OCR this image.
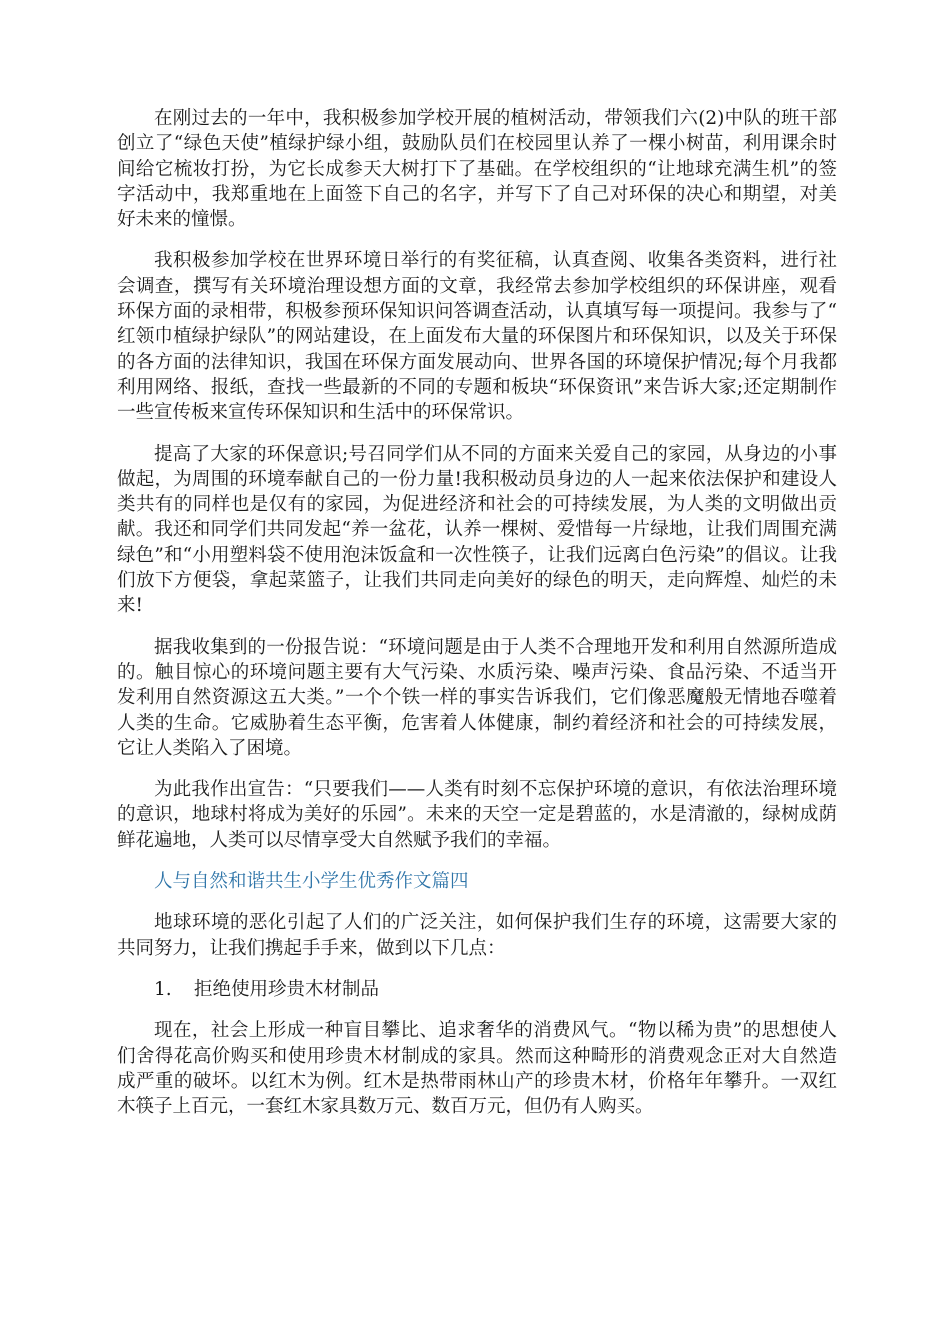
在刚过去的一年中，我积极参加学校开展的植树活动，带领我们六(2)中队的班干部创立了“绿色天使”植绿护绿小组，鼓励队员们在校园里认养了一棵小树苗，利用课余时间给它梳妆打扮，为它长成参天大树打下了基础。在学校组织的“让地球充满生机”的签字活动中，我郑重地在上面签下自己的名字，并写下了自己对环保的决心和期望，对美好未来的憧憬。

我积极参加学校在世界环境日举行的有奖征稿，认真查阅、收集各类资料，进行社会调查，撰写有关环境治理设想方面的文章，我经常去参加学校组织的环保讲座，观看环保方面的录相带，积极参预环保知识问答调查活动，认真填写每一项提问。我参与了“红领巾植绿护绿队”的网站建设，在上面发布大量的环保图片和环保知识，以及关于环保的各方面的法律知识，我国在环保方面发展动向、世界各国的环境保护情况;每个月我都利用网络、报纸，查找一些最新的不同的专题和板块“环保资讯”来告诉大家;还定期制作一些宣传板来宣传环保知识和生活中的环保常识。

提高了大家的环保意识;号召同学们从不同的方面来关爱自己的家园，从身边的小事做起，为周围的环境奉献自己的一份力量!我积极动员身边的人一起来依法保护和建设人类共有的同样也是仅有的家园，为促进经济和社会的可持续发展，为人类的文明做出贡献。我还和同学们共同发起“养一盆花，认养一棵树、爱惜每一片绿地，让我们周围充满绿色”和“小用塑料袋不使用泡沫饭盒和一次性筷子，让我们远离白色污染”的倡议。让我们放下方便袋，拿起菜篮子，让我们共同走向美好的绿色的明天，走向辉煌、灿烂的未来!

据我收集到的一份报告说：“环境问题是由于人类不合理地开发和利用自然源所造成的。触目惊心的环境问题主要有大气污染、水质污染、噪声污染、食品污染、不适当开发利用自然资源这五大类。”一个个铁一样的事实告诉我们，它们像恶魔般无情地吞噬着人类的生命。它威胁着生态平衡，危害着人体健康，制约着经济和社会的可持续发展，它让人类陷入了困境。

为此我作出宣告：“只要我们——人类有时刻不忘保护环境的意识，有依法治理环境的意识，地球村将成为美好的乐园”。未来的天空一定是碧蓝的，水是清澈的，绿树成荫鲜花遍地，人类可以尽情享受大自然赋予我们的幸福。

人与自然和谐共生小学生优秀作文篇四

地球环境的恶化引起了人们的广泛关注，如何保护我们生存的环境，这需要大家的共同努力，让我们携起手手来，做到以下几点：

1. 拒绝使用珍贵木材制品

现在，社会上形成一种盲目攀比、追求奢华的消费风气。“物以稀为贵”的思想使人们舍得花高价购买和使用珍贵木材制成的家具。然而这种畸形的消费观念正对大自然造成严重的破坏。以红木为例。红木是热带雨林山产的珍贵木材，价格年年攀升。一双红木筷子上百元，一套红木家具数万元、数百万元，但仍有人购买。
